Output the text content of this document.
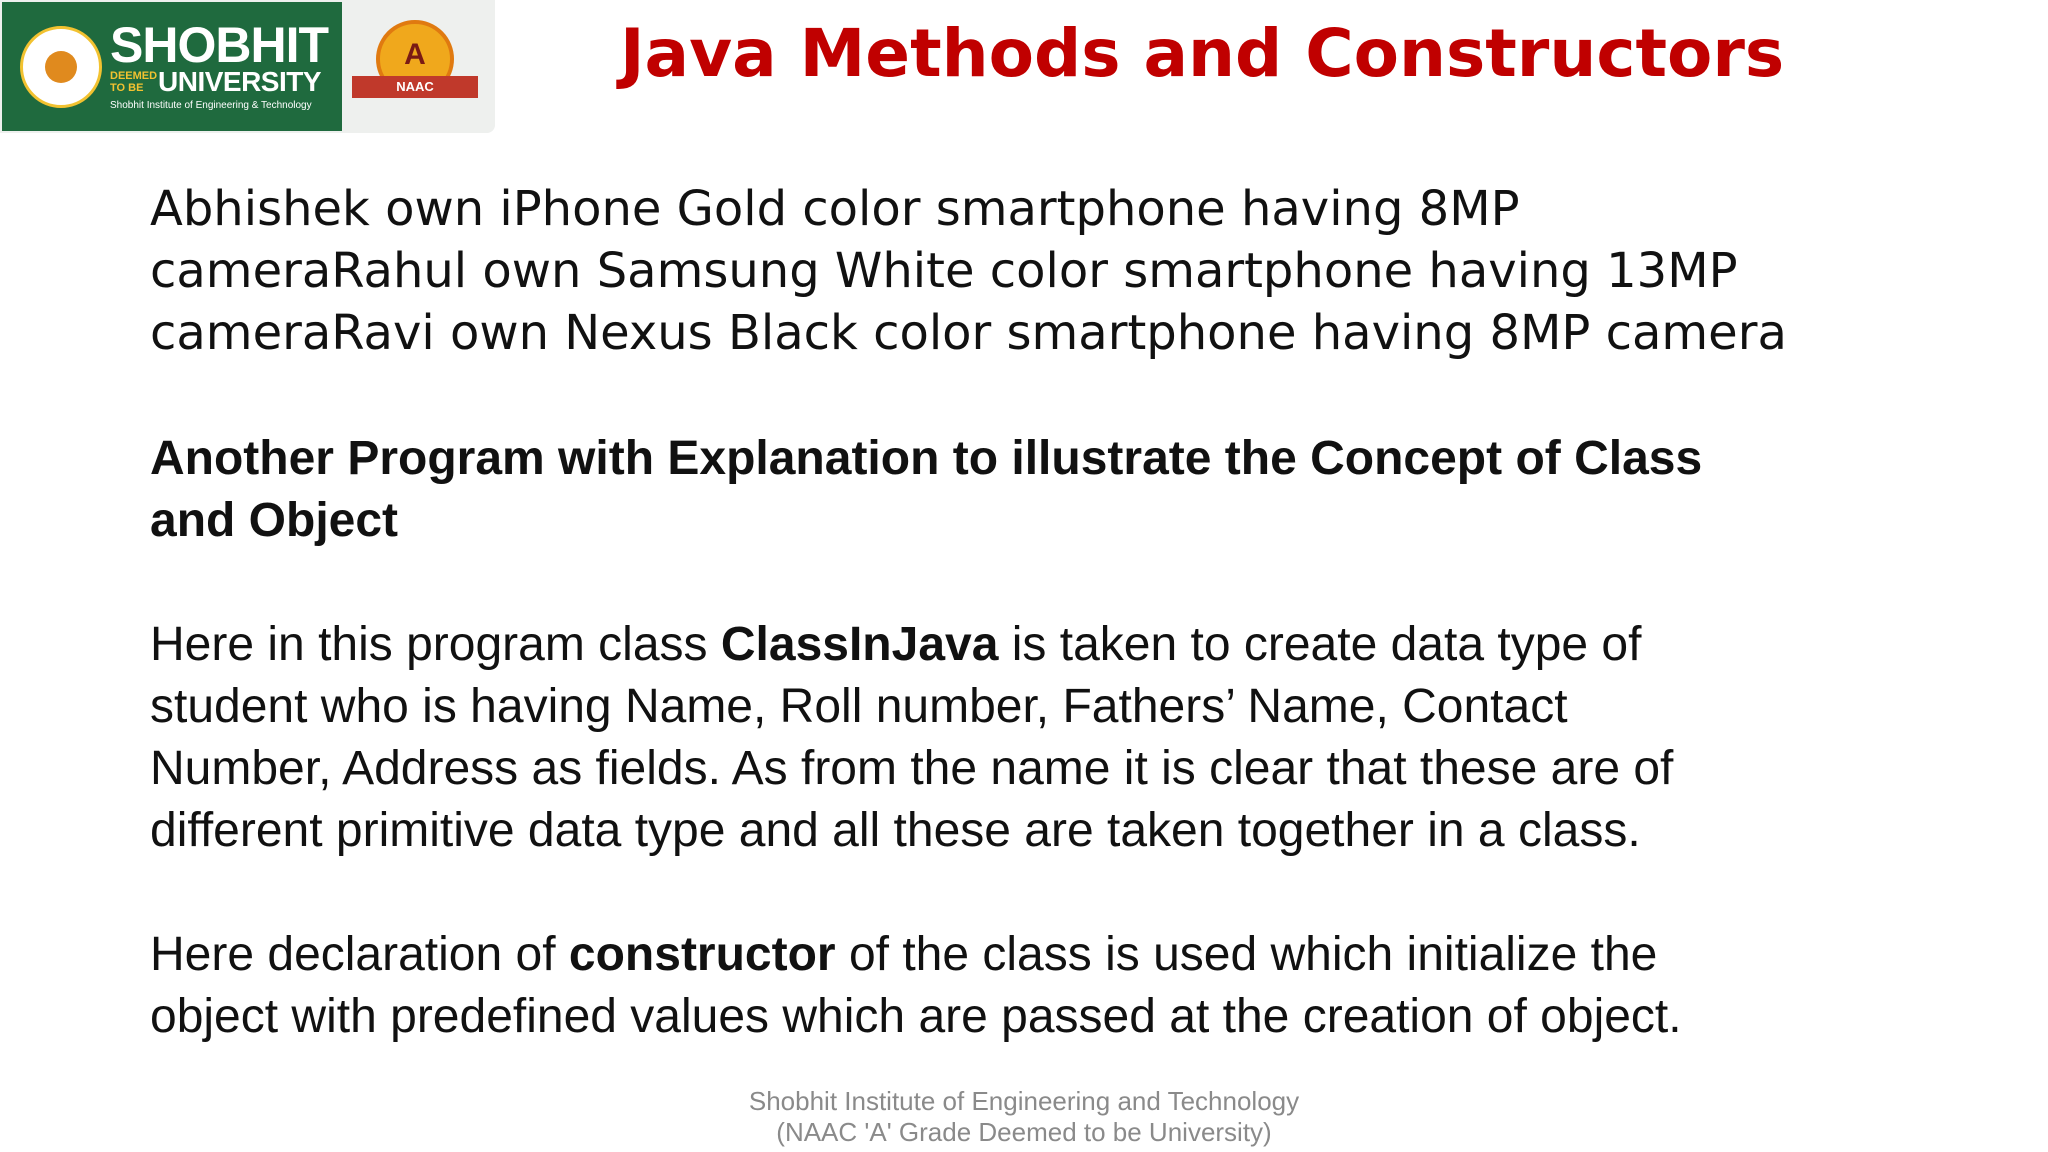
SHOBHIT
DEEMED TO BE UNIVERSITY
Shobhit Institute of Engineering & Technology
A
NAAC	Java Methods and Constructors
Abhishek own iPhone Gold color smartphone having 8MP
cameraRahul own Samsung White color smartphone having 13MP
cameraRavi own Nexus Black color smartphone having 8MP camera
Another Program with Explanation to illustrate the Concept of Class
and Object
Here in this program class ClassInJava is taken to create data type of
student who is having Name, Roll number, Fathers’ Name, Contact
Number, Address as fields. As from the name it is clear that these are of
different primitive data type and all these are taken together in a class.
Here declaration of constructor of the class is used which initialize the
object with predefined values which are passed at the creation of object.
Shobhit Institute of Engineering and Technology
(NAAC 'A' Grade Deemed to be University)
